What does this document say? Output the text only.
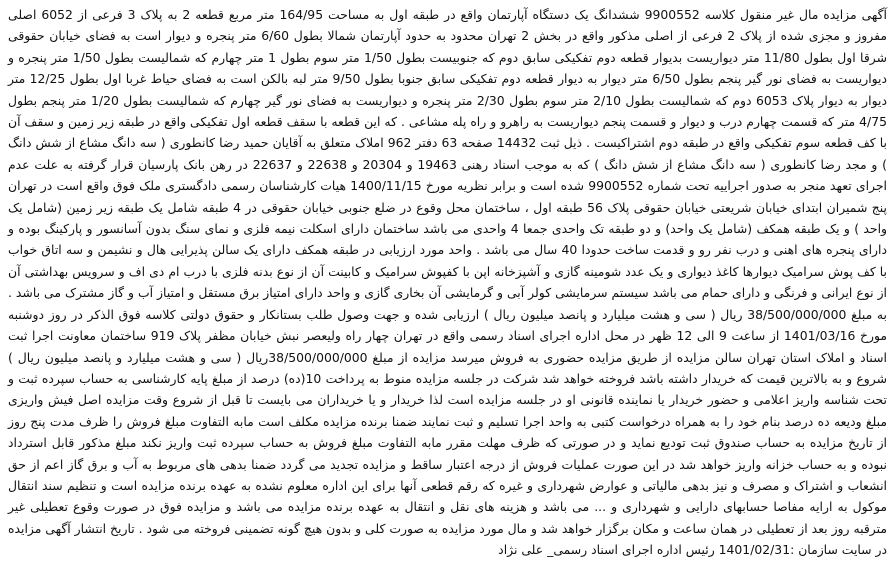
آگهی مزایده مال غیر منقول کلاسه 9900552 ششدانگ یک دستگاه آپارتمان واقع در طبقه اول به مساحت 164/95 متر مربع قطعه 2 به پلاک 3 فرعی از 6052 اصلی مفروز و مجزی شده از پلاک 2 فرعی از اصلی مذکور واقع در بخش 2 تهران محدود به حدود آپارتمان شمالا بطول 6/60 متر پنجره و دیوار است به فضای خیابان حقوقی شرقا اول بطول 11/80 متر دیواریست بدیوار قطعه دوم تفکیکی سابق دوم که جنوبیست بطول 1/50 متر سوم بطول 1 متر چهارم که شمالیست بطول 1/50 متر پنجره و دیواریست به فضای نور گیر پنجم بطول 6/50 متر دیوار به دیوار قطعه دوم تفکیکی سابق جنوبا بطول 9/50 متر لبه بالکن است به فضای حیاط غربا اول بطول 12/25 متر دیوار به دیوار پلاک 6053 دوم که شمالیست بطول 2/10 متر سوم بطول 2/30 متر پنجره و دیواریست به فضای نور گیر چهارم که شمالیست بطول 1/20 متر پنجم بطول 4/75 متر که قسمت چهارم درب و دیوار و قسمت پنجم دیواریست به راهرو و راه پله مشاعی . که این قطعه با سقف قطعه اول تفکیکی واقع در طبقه زیر زمین و سقف آن با کف قطعه سوم تفکیکی واقع در طبقه دوم اشتراکیست . ذیل ثبت 14432 صفحه 63 دفتر 962 املاک متعلق به آقایان حمید رضا کانطوری ( سه دانگ مشاع از شش دانگ ) و مجد رضا کانطوری ( سه دانگ مشاع از شش دانگ ) که به موجب اسناد رهنی 19463 و 20304 و 22638 و 22637 در رهن بانک پارسیان قرار گرفته به علت عدم اجرای تعهد منجر به صدور اجراییه تحت شماره 9900552 شده است و برابر نظریه مورخ 1400/11/15 هیات کارشناسان رسمی دادگستری ملک فوق واقع است در تهران پنج شمیران ابتدای خیابان شریعتی خیابان حقوقی پلاک 56 طبقه اول ، ساختمان محل وقوع در ضلع جنوبی خیابان حقوقی در 4 طبقه شامل یک طبقه زیر زمین (شامل یک واحد ) و یک طبقه همکف (شامل یک واحد) و دو طبقه تک واحدی جمعا 4 واحدی می باشد ساختمان دارای اسکلت نیمه فلزی و نمای سنگ بدون آسانسور و پارکینگ بوده و دارای پنجره های اهنی و درب نفر رو و قدمت ساخت حدودا 40 سال می باشد . واحد مورد ارزیابی در طبقه همکف دارای یک سالن پذیرایی هال و نشیمن و سه اتاق خواب با کف پوش سرامیک دیوارها کاغذ دیواری و یک عدد شومینه گازی و آشپزخانه اپن با کفپوش سرامیک و کابینت آن از نوع بدنه فلزی با درب ام دی اف و سرویس بهداشتی آن از نوع ایرانی و فرنگی و دارای حمام می باشد سیستم سرمایشی کولر آبی و گرمایشی آن بخاری گازی و واحد دارای امتیاز برق مستقل و امتیاز آب و گاز مشترک می باشد . به مبلغ 38/500/000/000 ریال ( سی و هشت میلیارد و پانصد میلیون ریال ) ارزیابی شده و جهت وصول طلب بستانکار و حقوق دولتی کلاسه فوق الذکر در روز دوشنبه مورخ 1401/03/16 از ساعت 9 الی 12 ظهر در محل اداره اجرای اسناد رسمی واقع در تهران چهار راه ولیعصر نبش خیابان مظفر پلاک 919 ساختمان معاونت اجرا ثبت اسناد و املاک استان تهران سالن مزایده از طریق مزایده حضوری به فروش میرسد مزایده از مبلغ 38/500/000/000ریال ( سی و هشت میلیارد و پانصد میلیون ریال ) شروع و به بالاترین قیمت که خریدار داشته باشد فروخته خواهد شد شرکت در جلسه مزایده منوط به پرداخت 10(ده) درصد از مبلغ پایه کارشناسی به حساب سپرده ثبت و تحت شناسه واریز اعلامی و حضور خریدار یا نماینده قانونی او در جلسه مزایده است لذا خریدار و یا خریداران می بایست تا قبل از شروع وقت مزایده اصل فیش واریزی مبلغ ودیعه ده درصد بنام خود را به همراه درخواست کتبی به واحد اجرا تسلیم و ثبت نمایند ضمنا برنده مزایده مکلف است مابه التفاوت مبلغ فروش را ظرف مدت پنج روز از تاریخ مزایده به حساب صندوق ثبت تودیع نماید و در صورتی که ظرف مهلت مقرر مابه التفاوت مبلغ فروش به حساب سپرده ثبت واریز نکند مبلغ مذکور قابل استرداد نبوده و به حساب خزانه واریز خواهد شد در این صورت عملیات فروش از درجه اعتبار ساقط و مزایده تجدید می گردد ضمنا بدهی های مربوط به آب و برق گاز اعم از حق انشعاب و اشتراک و مصرف و نیز بدهی مالیاتی و عوارض شهرداری و غیره که رقم قطعی آنها برای این اداره معلوم نشده به عهده برنده مزایده است و تنظیم سند انتقال موکول به ارایه مفاصا حسابهای دارایی و شهرداری و ... می باشد و هزینه های نقل و انتقال به عهده برنده مزایده می باشد و مزایده فوق در صورت وقوع تعطیلی غیر مترقبه روز بعد از تعطیلی در همان ساعت و مکان برگزار خواهد شد و مال مورد مزایده به صورت کلی و بدون هیچ گونه تضمینی فروخته می شود . تاریخ انتشار آگهی مزایده در سایت سازمان :1401/02/31 رئیس اداره اجرای اسناد رسمی_ علی نژاد
